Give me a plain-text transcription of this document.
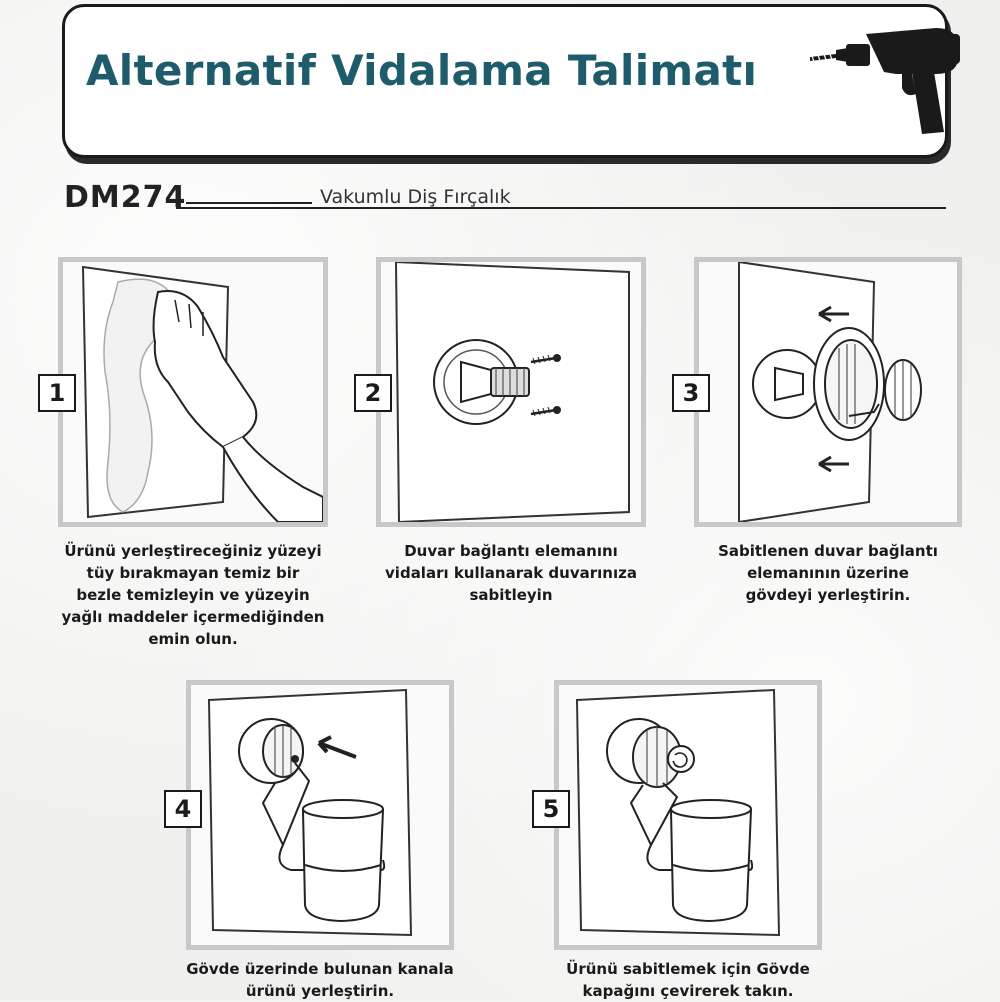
Alternatif Vidalama Talimatı
DM274	Vakumlu Diş Fırçalık
1	2	3
Ürünü yerleştireceğiniz yüzeyi
tüy bırakmayan temiz bir
bezle temizleyin ve yüzeyin
yağlı maddeler içermediğinden
emin olun.
Duvar bağlantı elemanını
vidaları kullanarak duvarınıza
sabitleyin
Sabitlenen duvar bağlantı
elemanının üzerine
gövdeyi yerleştirin.
4	5
Gövde üzerinde bulunan kanala
ürünü yerleştirin.
Ürünü sabitlemek için Gövde
kapağını çevirerek takın.
